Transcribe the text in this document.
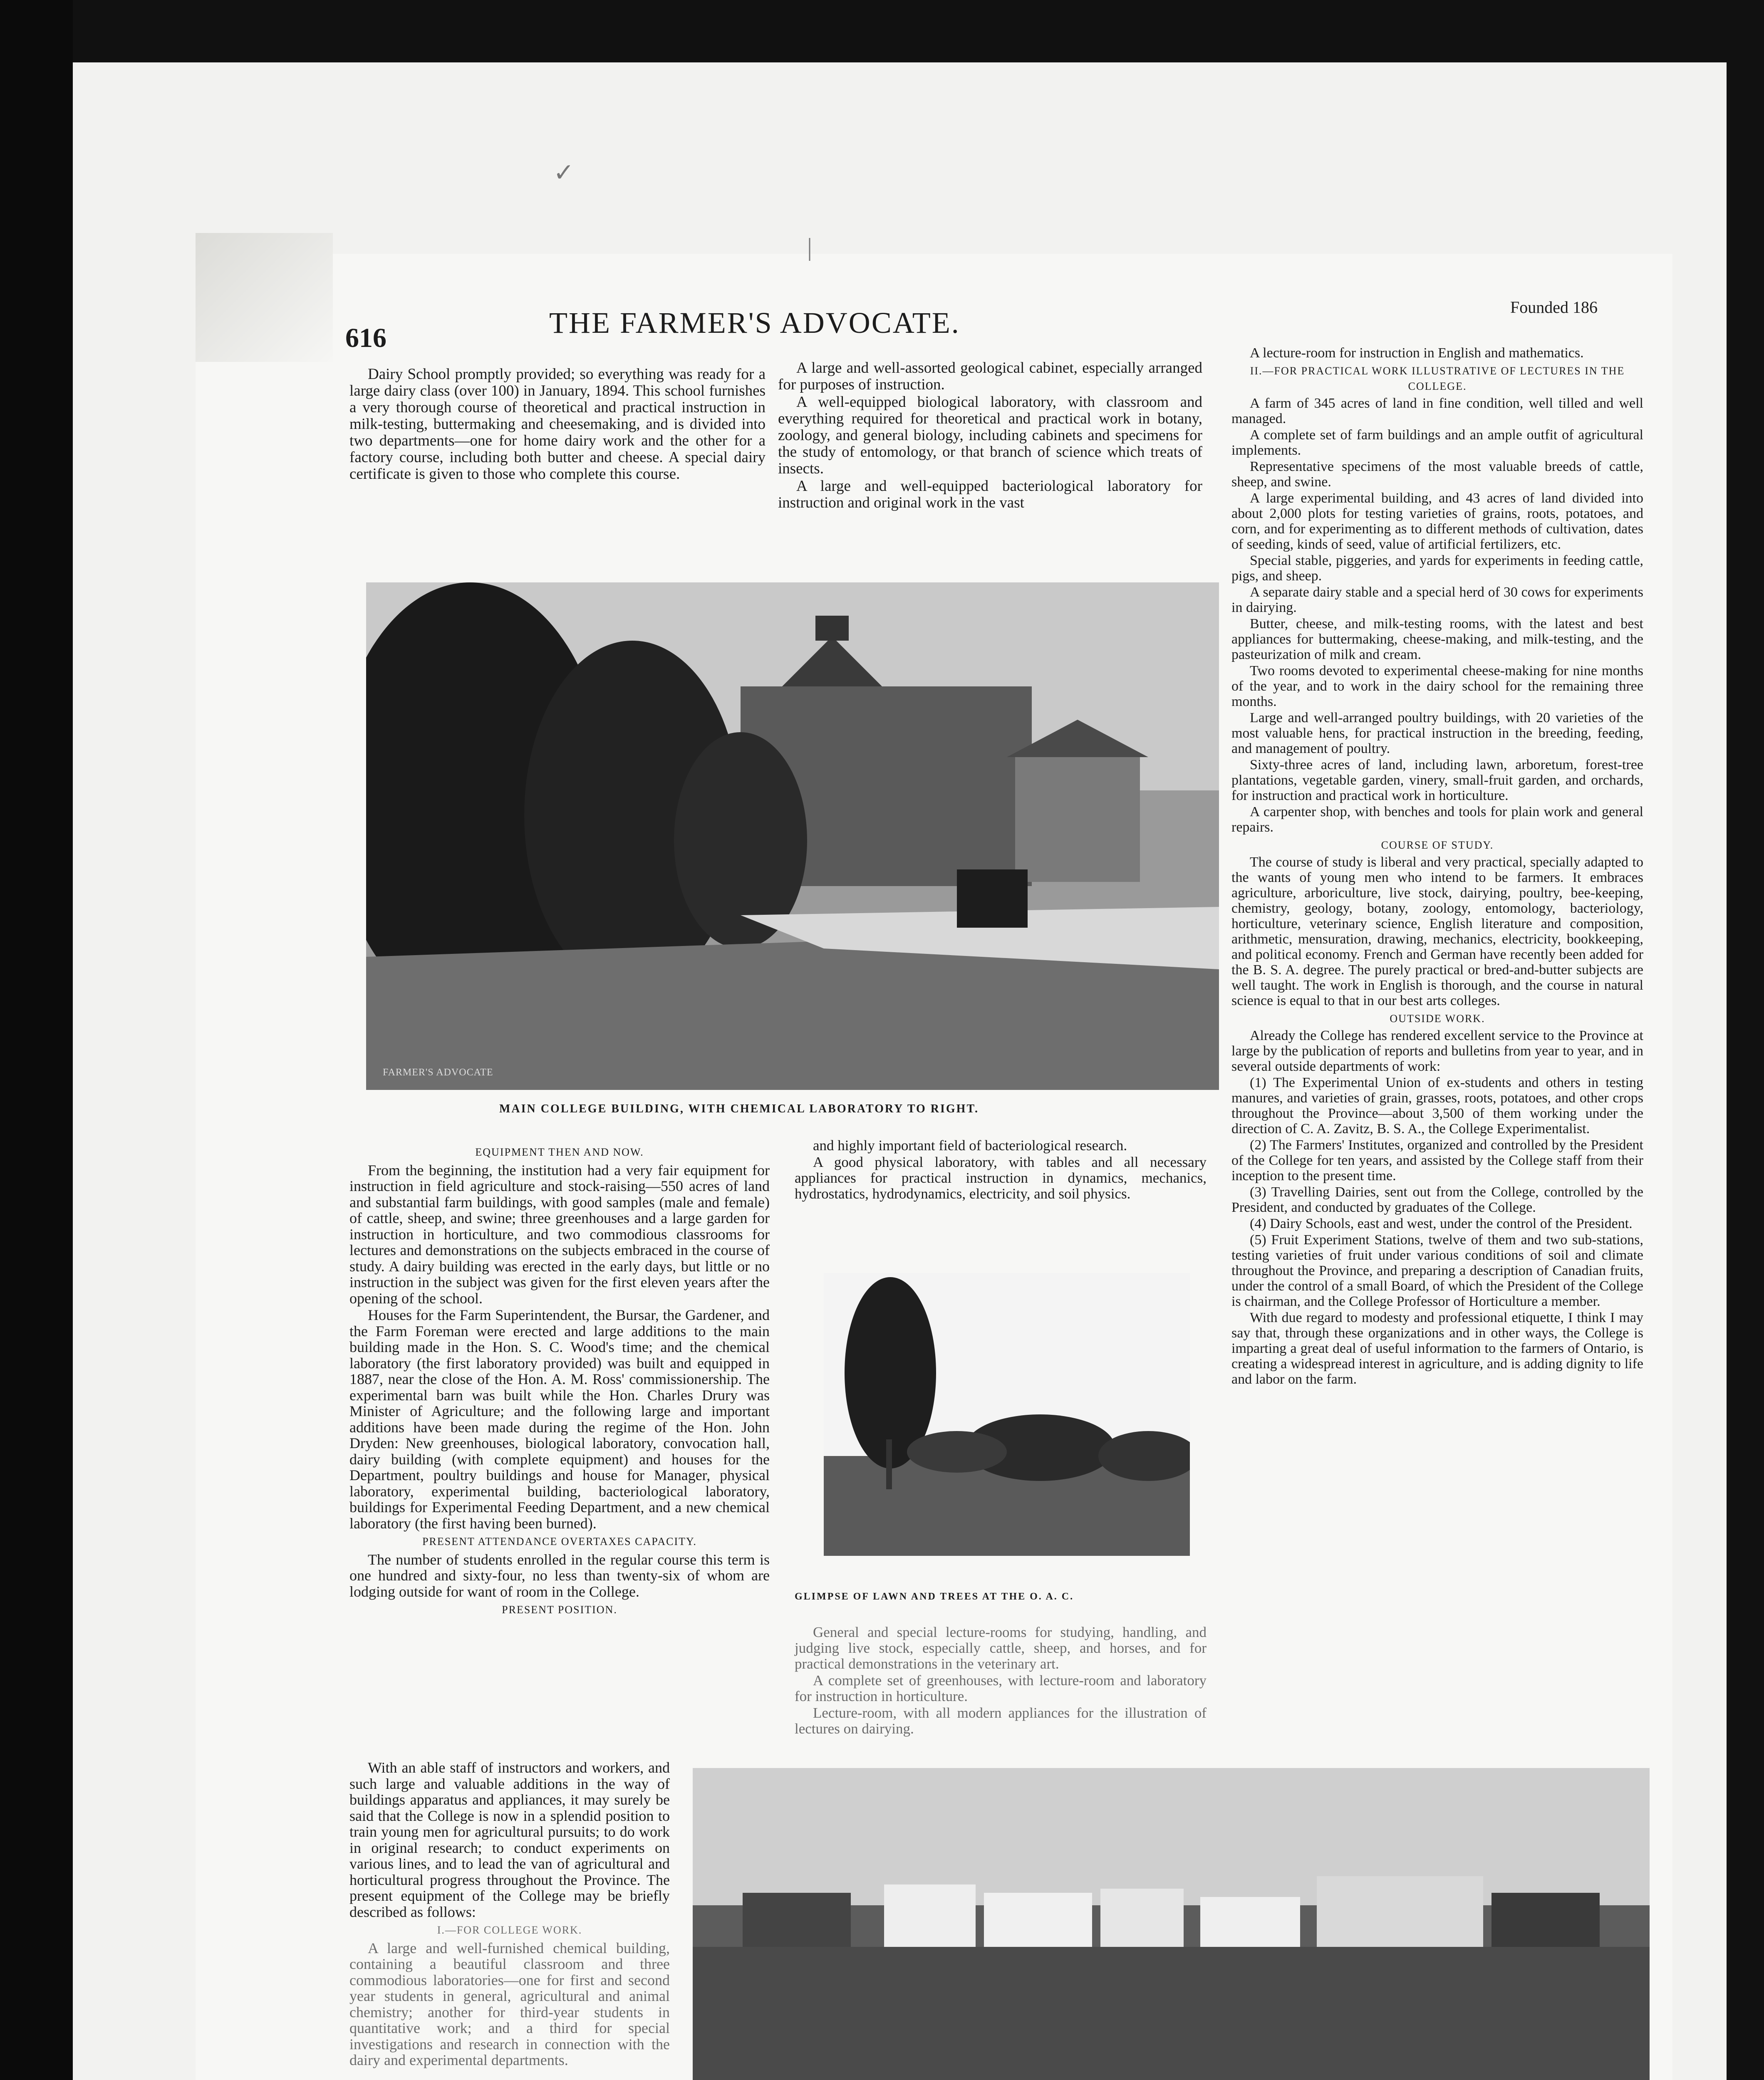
616	THE FARMER'S ADVOCATE.	Founded 186

Dairy School promptly provided; so everything was ready for a large dairy class (over 100) in January, 1894. This school furnishes a very thorough course of theoretical and practical instruction in milk-testing, buttermaking and cheesemaking, and is divided into two departments—one for home dairy work and the other for a factory course, including both butter and cheese. A special dairy certificate is given to those who complete this course.

A large and well-assorted geological cabinet, especially arranged for purposes of instruction.

A well-equipped biological laboratory, with classroom and everything required for theoretical and practical work in botany, zoology, and general biology, including cabinets and specimens for the study of entomology, or that branch of science which treats of insects.

A large and well-equipped bacteriological laboratory for instruction and original work in the vast

A lecture-room for instruction in English and mathematics.

II.—FOR PRACTICAL WORK ILLUSTRATIVE OF LECTURES IN THE COLLEGE.

A farm of 345 acres of land in fine condition, well tilled and well managed.

A complete set of farm buildings and an ample outfit of agricultural implements.

Representative specimens of the most valuable breeds of cattle, sheep, and swine.

A large experimental building, and 43 acres of land divided into about 2,000 plots for testing varieties of grains, roots, potatoes, and corn, and for experimenting as to different methods of cultivation, dates of seeding, kinds of seed, value of artificial fertilizers, etc.

Special stable, piggeries, and yards for experiments in feeding cattle, pigs, and sheep.

A separate dairy stable and a special herd of 30 cows for experiments in dairying.

Butter, cheese, and milk-testing rooms, with the latest and best appliances for buttermaking, cheese-making, and milk-testing, and the pasteurization of milk and cream.

Two rooms devoted to experimental cheese-making for nine months of the year, and to work in the dairy school for the remaining three months.

Large and well-arranged poultry buildings, with 20 varieties of the most valuable hens, for practical instruction in the breeding, feeding, and management of poultry.

Sixty-three acres of land, including lawn, arboretum, forest-tree plantations, vegetable garden, vinery, small-fruit garden, and orchards, for instruction and practical work in horticulture.

A carpenter shop, with benches and tools for plain work and general repairs.

COURSE OF STUDY.

The course of study is liberal and very practical, specially adapted to the wants of young men who intend to be farmers. It embraces agriculture, arboriculture, live stock, dairying, poultry, bee-keeping, chemistry, geology, botany, zoology, entomology, bacteriology, horticulture, veterinary science, English literature and composition, arithmetic, mensuration, drawing, mechanics, electricity, bookkeeping, and political economy. French and German have recently been added for the B. S. A. degree. The purely practical or bred-and-butter subjects are well taught. The work in English is thorough, and the course in natural science is equal to that in our best arts colleges.

OUTSIDE WORK.

Already the College has rendered excellent service to the Province at large by the publication of reports and bulletins from year to year, and in several outside departments of work:

(1) The Experimental Union of ex-students and others in testing manures, and varieties of grain, grasses, roots, potatoes, and other crops throughout the Province—about 3,500 of them working under the direction of C. A. Zavitz, B. S. A., the College Experimentalist.

(2) The Farmers' Institutes, organized and controlled by the President of the College for ten years, and assisted by the College staff from their inception to the present time.

(3) Travelling Dairies, sent out from the College, controlled by the President, and conducted by graduates of the College.

(4) Dairy Schools, east and west, under the control of the President.

(5) Fruit Experiment Stations, twelve of them and two sub-stations, testing varieties of fruit under various conditions of soil and climate throughout the Province, and preparing a description of Canadian fruits, under the control of a small Board, of which the President of the College is chairman, and the College Professor of Horticulture a member.

With due regard to modesty and professional etiquette, I think I may say that, through these organizations and in other ways, the College is imparting a great deal of useful information to the farmers of Ontario, is creating a widespread interest in agriculture, and is adding dignity to life and labor on the farm.

FARMER'S ADVOCATE
MAIN COLLEGE BUILDING, WITH CHEMICAL LABORATORY TO RIGHT.

EQUIPMENT THEN AND NOW.

From the beginning, the institution had a very fair equipment for instruction in field agriculture and stock-raising—550 acres of land and substantial farm buildings, with good samples (male and female) of cattle, sheep, and swine; three greenhouses and a large garden for instruction in horticulture, and two commodious classrooms for lectures and demonstrations on the subjects embraced in the course of study. A dairy building was erected in the early days, but little or no instruction in the subject was given for the first eleven years after the opening of the school.

Houses for the Farm Superintendent, the Bursar, the Gardener, and the Farm Foreman were erected and large additions to the main building made in the Hon. S. C. Wood's time; and the chemical laboratory (the first laboratory provided) was built and equipped in 1887, near the close of the Hon. A. M. Ross' commissionership. The experimental barn was built while the Hon. Charles Drury was Minister of Agriculture; and the following large and important additions have been made during the regime of the Hon. John Dryden: New greenhouses, biological laboratory, convocation hall, dairy building (with complete equipment) and houses for the Department, poultry buildings and house for Manager, physical laboratory, experimental building, bacteriological laboratory, buildings for Experimental Feeding Department, and a new chemical laboratory (the first having been burned).

PRESENT ATTENDANCE OVERTAXES CAPACITY.

The number of students enrolled in the regular course this term is one hundred and sixty-four, no less than twenty-six of whom are lodging outside for want of room in the College.

PRESENT POSITION.

With an able staff of instructors and workers, and such large and valuable additions in the way of buildings apparatus and appliances, it may surely be said that the College is now in a splendid position to train young men for agricultural pursuits; to do work in original research; to conduct experiments on various lines, and to lead the van of agricultural and horticultural progress throughout the Province. The present equipment of the College may be briefly described as follows:

I.—FOR COLLEGE WORK.

A large and well-furnished chemical building, containing a beautiful classroom and three commodious laboratories—one for first and second year students in general, agricultural and animal chemistry; another for third-year students in quantitative work; and a third for special investigations and research in connection with the dairy and experimental departments.

and highly important field of bacteriological research.

A good physical laboratory, with tables and all necessary appliances for practical instruction in dynamics, mechanics, hydrostatics, hydrodynamics, electricity, and soil physics.

GLIMPSE OF LAWN AND TREES AT THE O. A. C.

General and special lecture-rooms for studying, handling, and judging live stock, especially cattle, sheep, and horses, and for practical demonstrations in the veterinary art.

A complete set of greenhouses, with lecture-room and laboratory for instruction in horticulture.

Lecture-room, with all modern appliances for the illustration of lectures on dairying.

|
✓
